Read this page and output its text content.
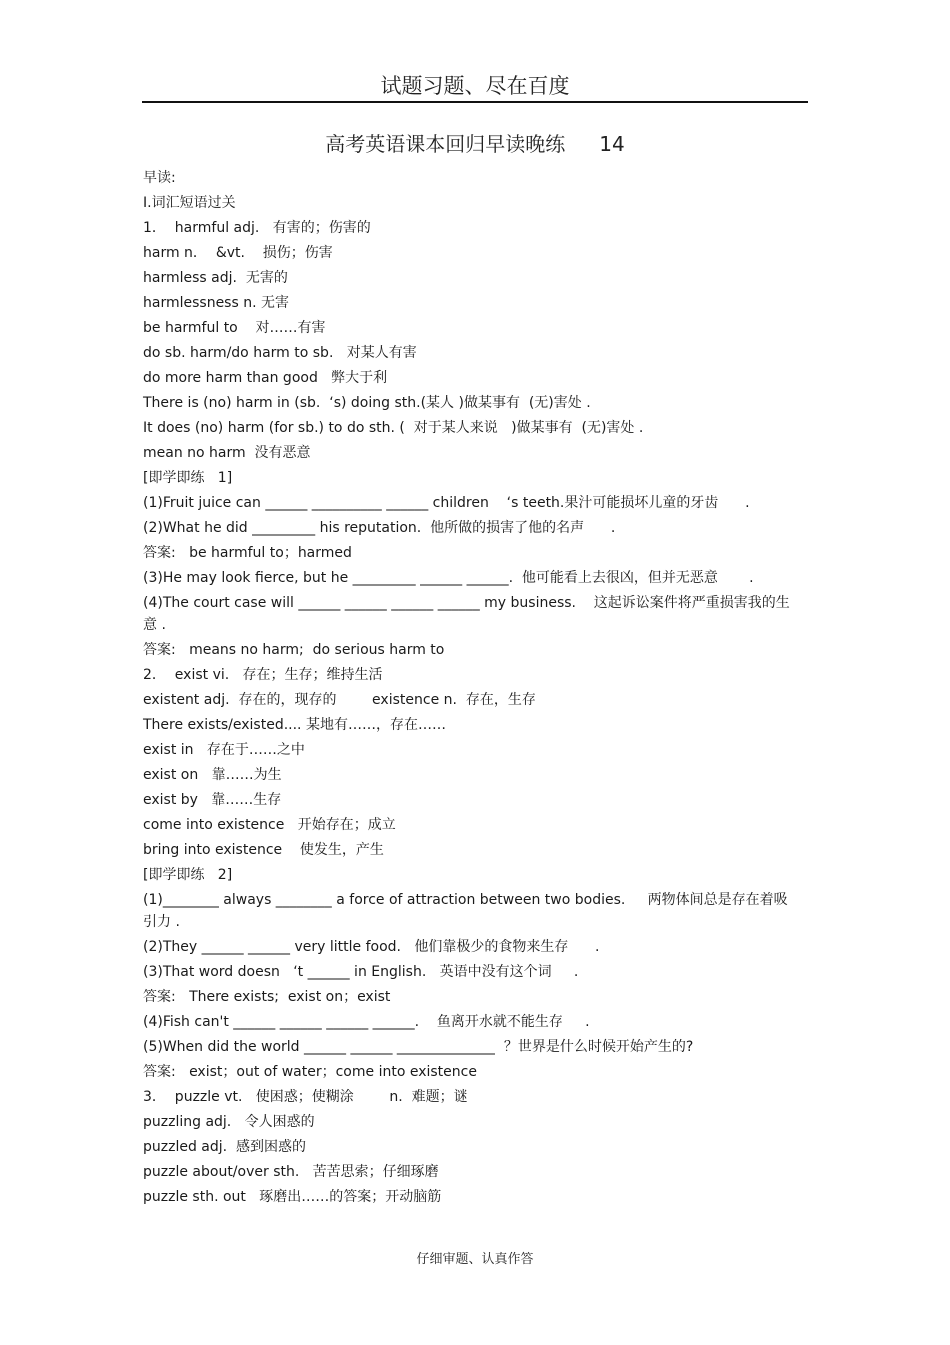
试题习题、尽在百度
高考英语课本回归早读晚练 14
早读:
Ⅰ.词汇短语过关
1．  harmful adj.   有害的；伤害的
harm n．  &vt.    损伤；伤害
harmless adj.  无害的
harmlessness n. 无害
be harmful to    对……有害
do sb. harm/do harm to sb.   对某人有害
do more harm than good   弊大于利
There is (no) harm in (sb.  ‘s) doing sth.(某人 )做某事有  (无)害处 .
It does (no) harm (for sb.) to do sth. (  对于某人来说   )做某事有  (无)害处 .
mean no harm  没有恶意
[即学即练   1]
(1)Fruit juice can ______ __________ ______ children    ‘s teeth.果汁可能损坏儿童的牙齿      .
(2)What he did _________ his reputation.  他所做的损害了他的名声      .
答案:   be harmful to；harmed
(3)He may look fierce, but he _________ ______ ______.  他可能看上去很凶，但并无恶意       .
(4)The court case will ______ ______ ______ ______ my business.    这起诉讼案件将严重损害我的生意 .
答案:   means no harm;  do serious harm to
2．  exist vi.   存在；生存；维持生活
existent adj.  存在的，现存的        existence n.  存在，生存
There exists/existed.... 某地有……，存在……
exist in   存在于……之中
exist on   靠……为生
exist by   靠……生存
come into existence   开始存在；成立
bring into existence    使发生，产生
[即学即练   2]
(1)________ always ________ a force of attraction between two bodies.     两物体间总是存在着吸引力 .
(2)They ______ ______ very little food.   他们靠极少的食物来生存      .
(3)That word doesn   ‘t ______ in English.   英语中没有这个词     .
答案:   There exists;  exist on；exist
(4)Fish can't ______ ______ ______ ______.    鱼离开水就不能生存     .
(5)When did the world ______ ______ ______________  ？世界是什么时候开始产生的?
答案:   exist；out of water；come into existence
3．  puzzle vt.   使困惑；使糊涂        n.  难题；谜
puzzling adj.   令人困惑的
puzzled adj.  感到困惑的
puzzle about/over sth.   苦苦思索；仔细琢磨
puzzle sth. out   琢磨出……的答案；开动脑筋
仔细审题、认真作答
